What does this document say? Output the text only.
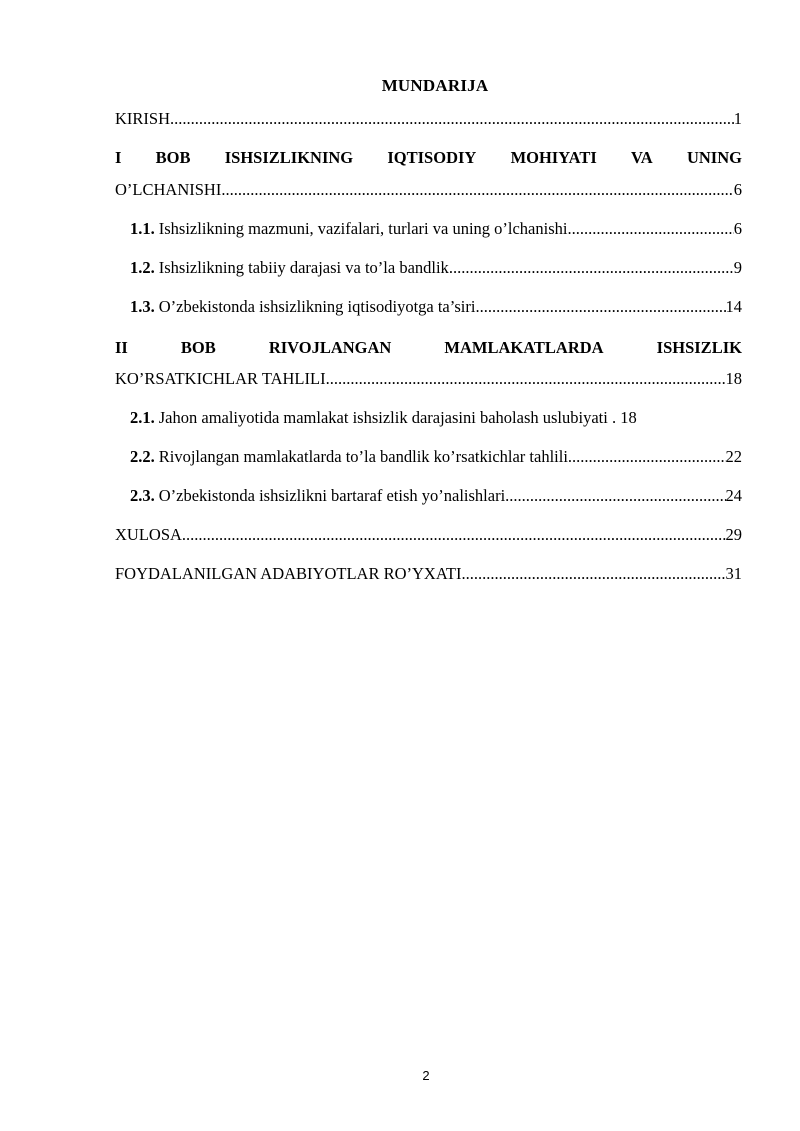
MUNDARIJA
KIRISH .....	1
I BOB ISHSIZLIKNING IQTISODIY MOHIYATI VA UNING
O’LCHANISHI .....	6
1.1. Ishsizlikning mazmuni, vazifalari, turlari va uning o’lchanishi .....	6
1.2. Ishsizlikning tabiiy darajasi va to’la bandlik .....	9
1.3. O’zbekistonda ishsizlikning iqtisodiyotga ta’siri .....	14
II	BOB	RIVOJLANGAN	MAMLAKATLARDA	ISHSIZLIK
KO’RSATKICHLAR TAHLILI .....	18
2.1. Jahon amaliyotida mamlakat ishsizlik darajasini baholash uslubiyati . 18
2.2. Rivojlangan mamlakatlarda to’la bandlik ko’rsatkichlar tahlili .....	22
2.3. O’zbekistonda ishsizlikni bartaraf etish yo’nalishlari .....	24
XULOSA .....	29
FOYDALANILGAN ADABIYOTLAR RO’YXATI .....	31
2
